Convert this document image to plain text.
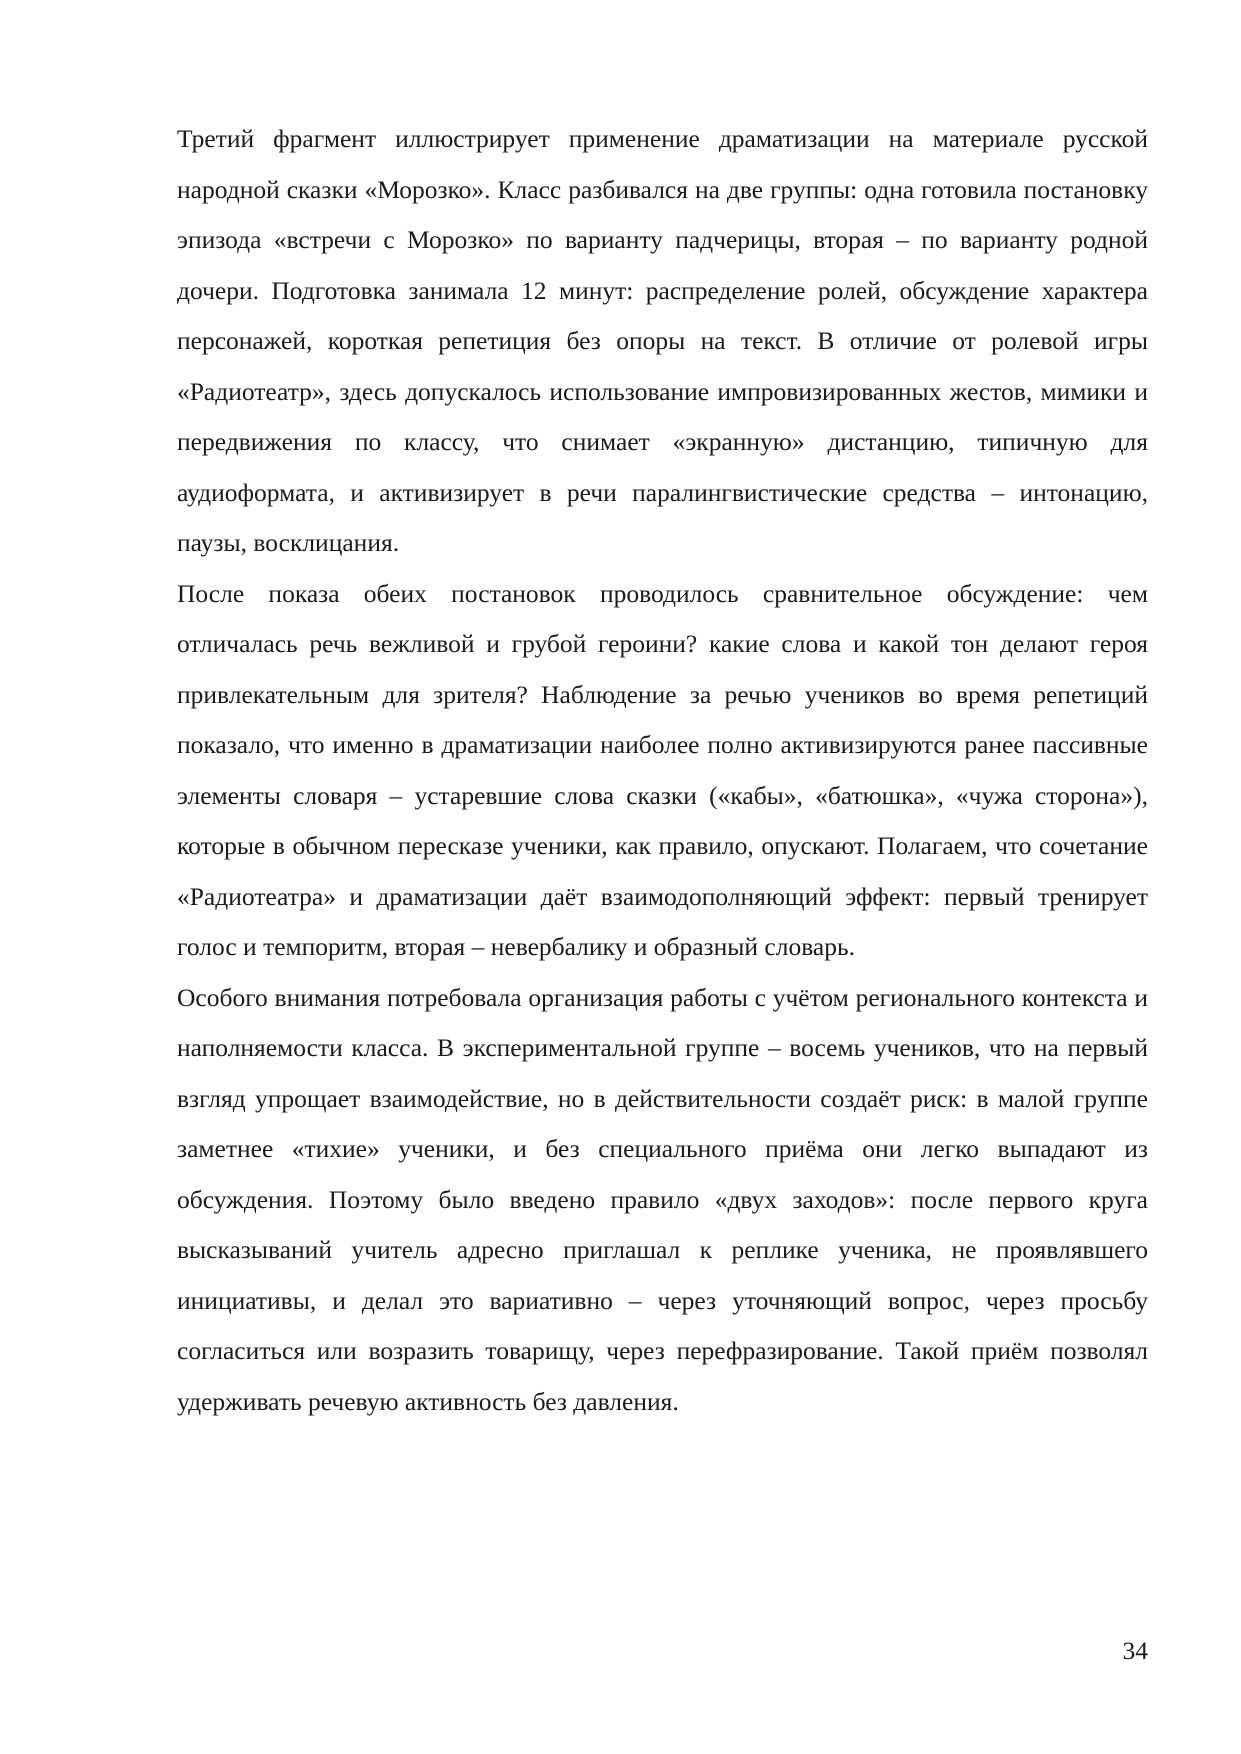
Третий фрагмент иллюстрирует применение драматизации на материале русской народной сказки «Морозко». Класс разбивался на две группы: одна готовила постановку эпизода «встречи с Морозко» по варианту падчерицы, вторая – по варианту родной дочери. Подготовка занимала 12 минут: распределение ролей, обсуждение характера персонажей, короткая репетиция без опоры на текст. В отличие от ролевой игры «Радиотеатр», здесь допускалось использование импровизированных жестов, мимики и передвижения по классу, что снимает «экранную» дистанцию, типичную для аудиоформата, и активизирует в речи паралингвистические средства – интонацию, паузы, восклицания.

После показа обеих постановок проводилось сравнительное обсуждение: чем отличалась речь вежливой и грубой героини? какие слова и какой тон делают героя привлекательным для зрителя? Наблюдение за речью учеников во время репетиций показало, что именно в драматизации наиболее полно активизируются ранее пассивные элементы словаря – устаревшие слова сказки («кабы», «батюшка», «чужа сторона»), которые в обычном пересказе ученики, как правило, опускают. Полагаем, что сочетание «Радиотеатра» и драматизации даёт взаимодополняющий эффект: первый тренирует голос и темпоритм, вторая – невербалику и образный словарь.

Особого внимания потребовала организация работы с учётом регионального контекста и наполняемости класса. В экспериментальной группе – восемь учеников, что на первый взгляд упрощает взаимодействие, но в действительности создаёт риск: в малой группе заметнее «тихие» ученики, и без специального приёма они легко выпадают из обсуждения. Поэтому было введено правило «двух заходов»: после первого круга высказываний учитель адресно приглашал к реплике ученика, не проявлявшего инициативы, и делал это вариативно – через уточняющий вопрос, через просьбу согласиться или возразить товарищу, через перефразирование. Такой приём позволял удерживать речевую активность без давления.

34
